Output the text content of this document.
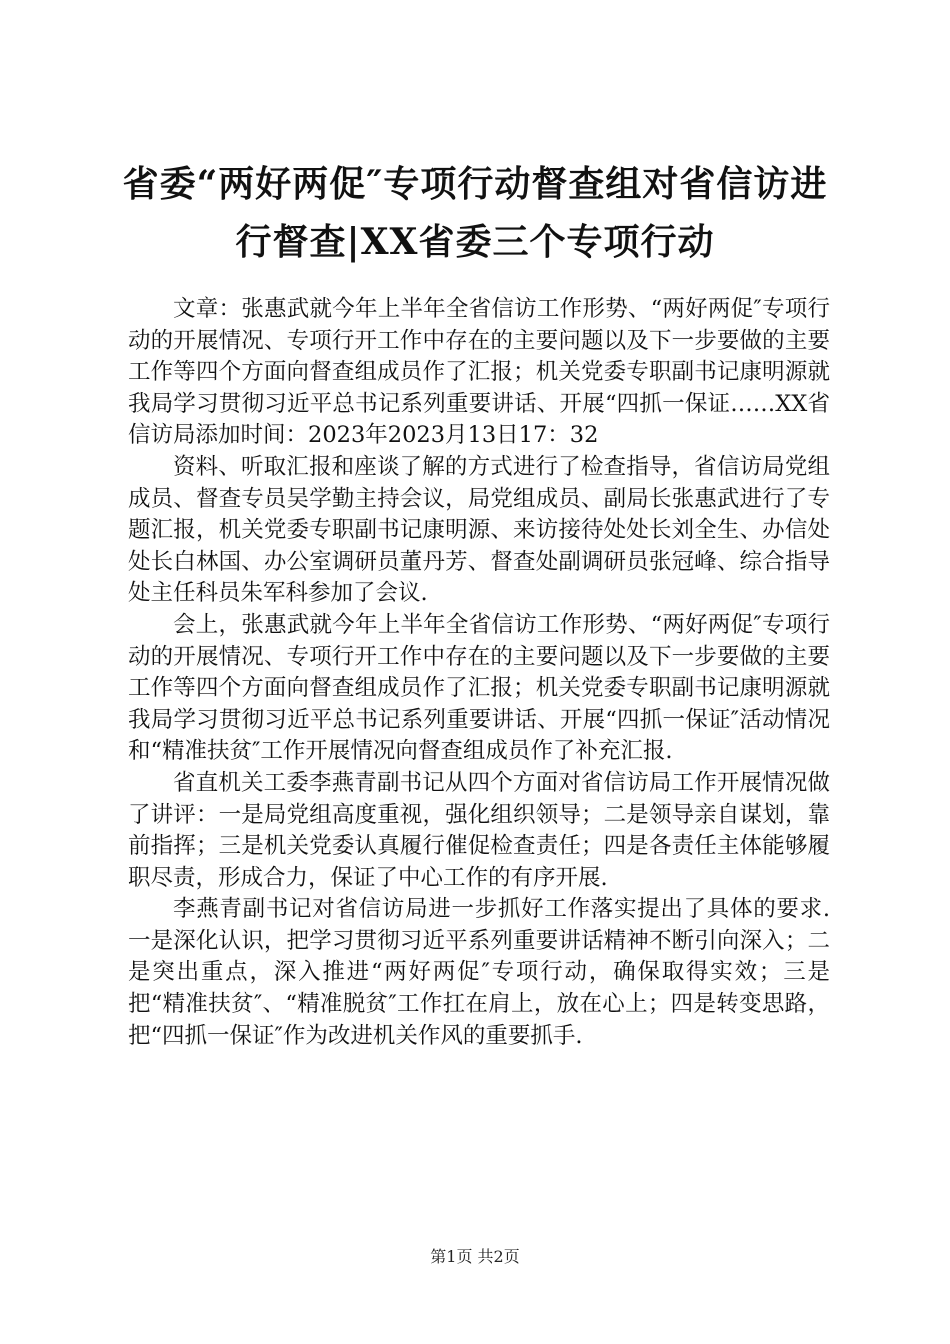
省委“两好两促″专项行动督查组对省信访进
行督查|XX省委三个专项行动

文章：张惠武就今年上半年全省信访工作形势、“两好两促″专项行动的开展情况、专项行开工作中存在的主要问题以及下一步要做的主要工作等四个方面向督查组成员作了汇报；机关党委专职副书记康明源就我局学习贯彻习近平总书记系列重要讲话、开展“四抓一保证……XX省信访局添加时间：2023年2023月13日17：32

资料、听取汇报和座谈了解的方式进行了检查指导，省信访局党组成员、督查专员吴学勤主持会议，局党组成员、副局长张惠武进行了专题汇报，机关党委专职副书记康明源、来访接待处处长刘全生、办信处处长白林国、办公室调研员董丹芳、督查处副调研员张冠峰、综合指导处主任科员朱军科参加了会议.

会上，张惠武就今年上半年全省信访工作形势、“两好两促″专项行动的开展情况、专项行开工作中存在的主要问题以及下一步要做的主要工作等四个方面向督查组成员作了汇报；机关党委专职副书记康明源就我局学习贯彻习近平总书记系列重要讲话、开展“四抓一保证″活动情况和“精准扶贫″工作开展情况向督查组成员作了补充汇报.

省直机关工委李燕青副书记从四个方面对省信访局工作开展情况做了讲评：一是局党组高度重视，强化组织领导；二是领导亲自谋划，靠前指挥；三是机关党委认真履行催促检查责任；四是各责任主体能够履职尽责，形成合力，保证了中心工作的有序开展.

李燕青副书记对省信访局进一步抓好工作落实提出了具体的要求.一是深化认识，把学习贯彻习近平系列重要讲话精神不断引向深入；二是突出重点，深入推进“两好两促″专项行动，确保取得实效；三是把“精准扶贫″、“精准脱贫″工作扛在肩上，放在心上；四是转变思路，把“四抓一保证″作为改进机关作风的重要抓手.

第1页 共2页
